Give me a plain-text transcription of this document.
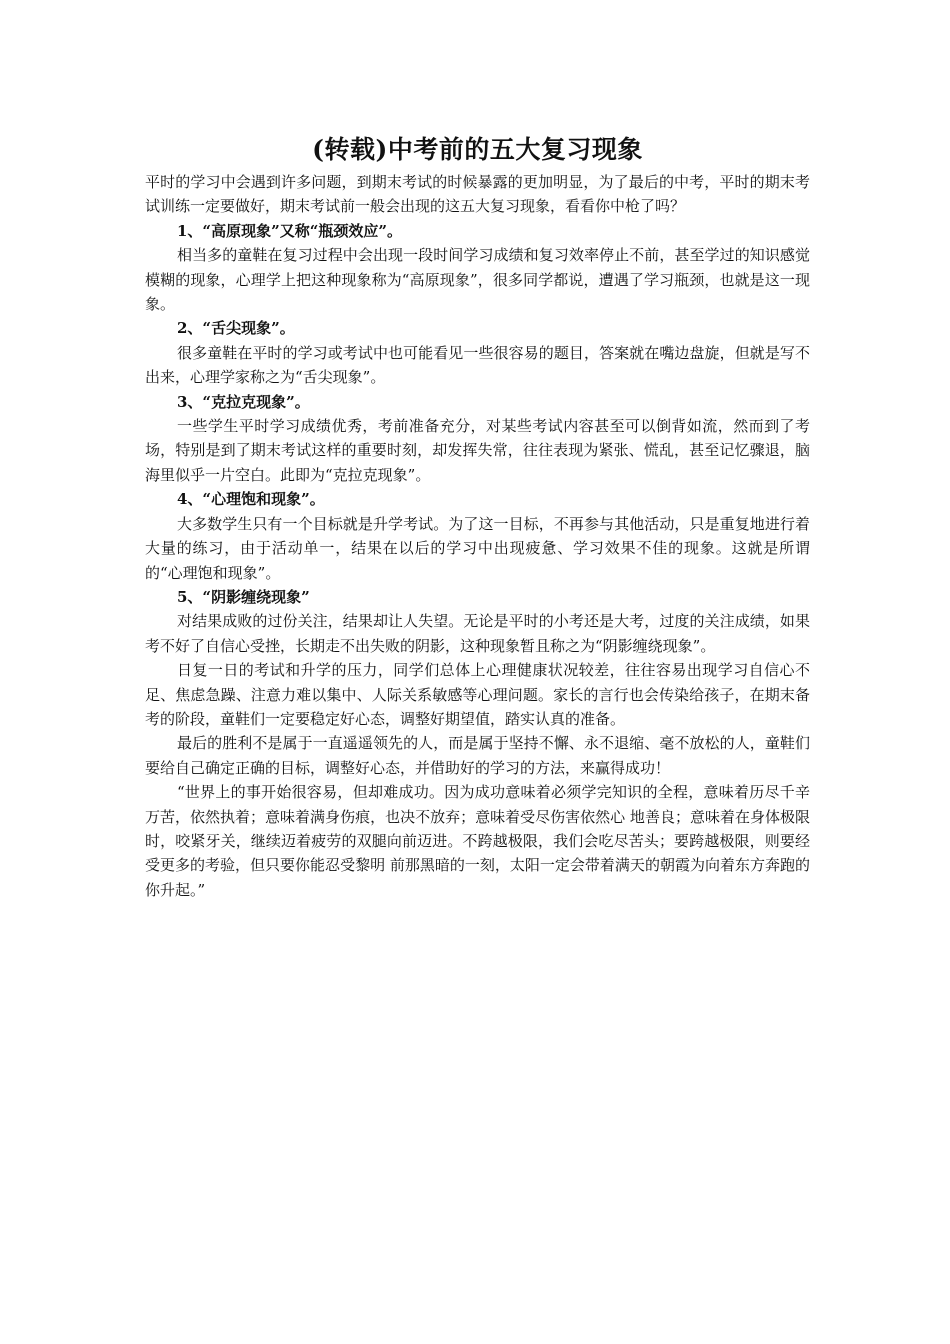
(转载)中考前的五大复习现象

平时的学习中会遇到许多问题，到期末考试的时候暴露的更加明显，为了最后的中考，平时的期末考试训练一定要做好，期末考试前一般会出现的这五大复习现象，看看你中枪了吗？

1、“高原现象”又称“瓶颈效应”。

相当多的童鞋在复习过程中会出现一段时间学习成绩和复习效率停止不前，甚至学过的知识感觉模糊的现象，心理学上把这种现象称为“高原现象”，很多同学都说，遭遇了学习瓶颈，也就是这一现象。

2、“舌尖现象”。

很多童鞋在平时的学习或考试中也可能看见一些很容易的题目，答案就在嘴边盘旋，但就是写不出来，心理学家称之为“舌尖现象”。

3、“克拉克现象”。

一些学生平时学习成绩优秀，考前准备充分，对某些考试内容甚至可以倒背如流，然而到了考场，特别是到了期末考试这样的重要时刻，却发挥失常，往往表现为紧张、慌乱，甚至记忆骤退，脑海里似乎一片空白。此即为“克拉克现象”。

4、“心理饱和现象”。

大多数学生只有一个目标就是升学考试。为了这一目标，不再参与其他活动，只是重复地进行着大量的练习，由于活动单一，结果在以后的学习中出现疲惫、学习效果不佳的现象。这就是所谓的“心理饱和现象”。

5、“阴影缠绕现象”

对结果成败的过份关注，结果却让人失望。无论是平时的小考还是大考，过度的关注成绩，如果考不好了自信心受挫，长期走不出失败的阴影，这种现象暂且称之为“阴影缠绕现象”。

日复一日的考试和升学的压力，同学们总体上心理健康状况较差，往往容易出现学习自信心不足、焦虑急躁、注意力难以集中、人际关系敏感等心理问题。家长的言行也会传染给孩子，在期末备考的阶段，童鞋们一定要稳定好心态，调整好期望值，踏实认真的准备。

最后的胜利不是属于一直遥遥领先的人，而是属于坚持不懈、永不退缩、毫不放松的人，童鞋们要给自己确定正确的目标，调整好心态，并借助好的学习的方法，来赢得成功！

“世界上的事开始很容易，但却难成功。因为成功意味着必须学完知识的全程，意味着历尽千辛万苦，依然执着；意味着满身伤痕，也决不放弃；意味着受尽伤害依然心 地善良；意味着在身体极限时，咬紧牙关，继续迈着疲劳的双腿向前迈进。不跨越极限，我们会吃尽苦头；要跨越极限，则要经受更多的考验，但只要你能忍受黎明 前那黑暗的一刻，太阳一定会带着满天的朝霞为向着东方奔跑的你升起。”
